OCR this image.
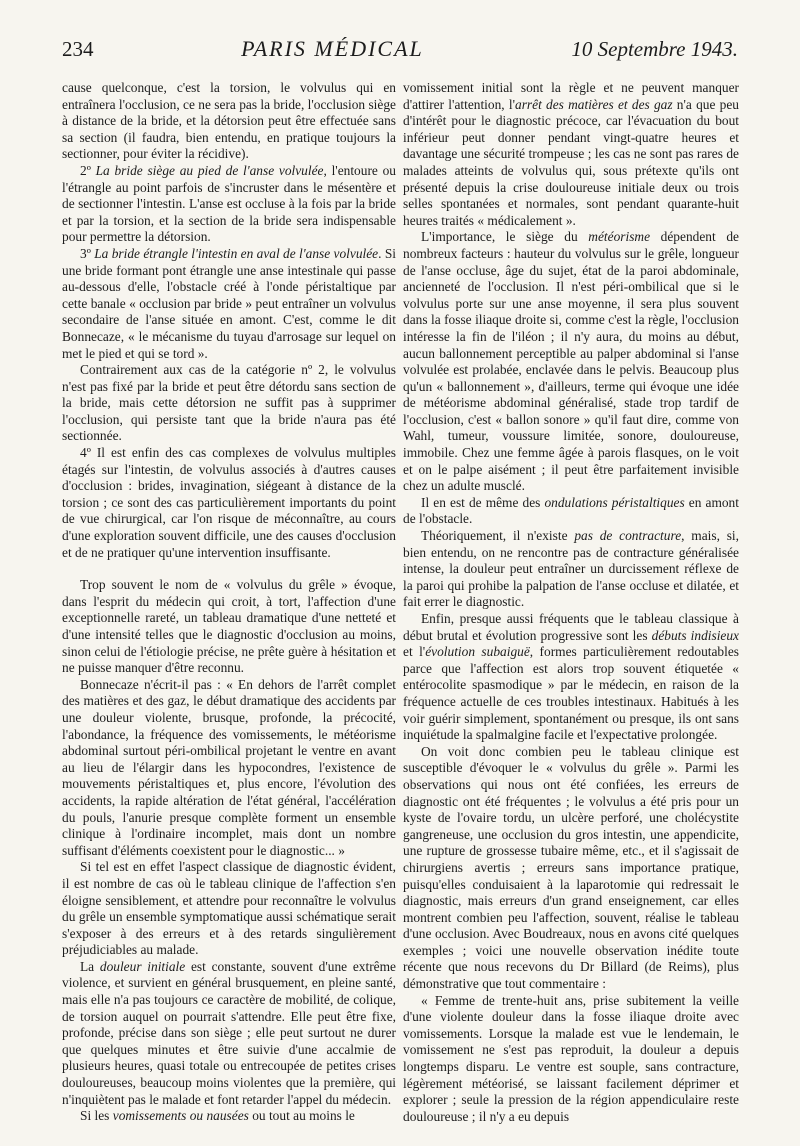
234	PARIS MÉDICAL	10 Septembre 1943.

cause quelconque, c'est la torsion, le volvulus qui en entraînera l'occlusion, ce ne sera pas la bride, l'occlusion siège à distance de la bride, et la détorsion peut être effectuée sans sa section (il faudra, bien entendu, en pratique toujours la sectionner, pour éviter la récidive).

2º La bride siège au pied de l'anse volvulée, l'entoure ou l'étrangle au point parfois de s'incruster dans le mésentère et de sectionner l'intestin. L'anse est occluse à la fois par la bride et par la torsion, et la section de la bride sera indispensable pour permettre la détorsion.

3º La bride étrangle l'intestin en aval de l'anse volvulée. Si une bride formant pont étrangle une anse intestinale qui passe au-dessous d'elle, l'obstacle créé à l'onde péristaltique par cette banale « occlusion par bride » peut entraîner un volvulus secondaire de l'anse située en amont. C'est, comme le dit Bonnecaze, « le mécanisme du tuyau d'arrosage sur lequel on met le pied et qui se tord ».

Contrairement aux cas de la catégorie nº 2, le volvulus n'est pas fixé par la bride et peut être détordu sans section de la bride, mais cette détorsion ne suffit pas à supprimer l'occlusion, qui persiste tant que la bride n'aura pas été sectionnée.

4º Il est enfin des cas complexes de volvulus multiples étagés sur l'intestin, de volvulus associés à d'autres causes d'occlusion : brides, invagination, siégeant à distance de la torsion ; ce sont des cas particulièrement importants du point de vue chirurgical, car l'on risque de méconnaître, au cours d'une exploration souvent difficile, une des causes d'occlusion et de ne pratiquer qu'une intervention insuffisante.

Trop souvent le nom de « volvulus du grêle » évoque, dans l'esprit du médecin qui croit, à tort, l'affection d'une exceptionnelle rareté, un tableau dramatique d'une netteté et d'une intensité telles que le diagnostic d'occlusion au moins, sinon celui de l'étiologie précise, ne prête guère à hésitation et ne puisse manquer d'être reconnu.

Bonnecaze n'écrit-il pas : « En dehors de l'arrêt complet des matières et des gaz, le début dramatique des accidents par une douleur violente, brusque, profonde, la précocité, l'abondance, la fréquence des vomissements, le météorisme abdominal surtout péri-ombilical projetant le ventre en avant au lieu de l'élargir dans les hypocondres, l'existence de mouvements péristaltiques et, plus encore, l'évolution des accidents, la rapide altération de l'état général, l'accélération du pouls, l'anurie presque complète forment un ensemble clinique à l'ordinaire incomplet, mais dont un nombre suffisant d'éléments coexistent pour le diagnostic... »

Si tel est en effet l'aspect classique de diagnostic évident, il est nombre de cas où le tableau clinique de l'affection s'en éloigne sensiblement, et attendre pour reconnaître le volvulus du grêle un ensemble symptomatique aussi schématique serait s'exposer à des erreurs et à des retards singulièrement préjudiciables au malade.

La douleur initiale est constante, souvent d'une extrême violence, et survient en général brusquement, en pleine santé, mais elle n'a pas toujours ce caractère de mobilité, de colique, de torsion auquel on pourrait s'attendre. Elle peut être fixe, profonde, précise dans son siège ; elle peut surtout ne durer que quelques minutes et être suivie d'une accalmie de plusieurs heures, quasi totale ou entrecoupée de petites crises douloureuses, beaucoup moins violentes que la première, qui n'inquiètent pas le malade et font retarder l'appel du médecin.

Si les vomissements ou nausées ou tout au moins le

vomissement initial sont la règle et ne peuvent manquer d'attirer l'attention, l'arrêt des matières et des gaz n'a que peu d'intérêt pour le diagnostic précoce, car l'évacuation du bout inférieur peut donner pendant vingt-quatre heures et davantage une sécurité trompeuse ; les cas ne sont pas rares de malades atteints de volvulus qui, sous prétexte qu'ils ont présenté depuis la crise douloureuse initiale deux ou trois selles spontanées et normales, sont pendant quarante-huit heures traités « médicalement ».

L'importance, le siège du météorisme dépendent de nombreux facteurs : hauteur du volvulus sur le grêle, longueur de l'anse occluse, âge du sujet, état de la paroi abdominale, ancienneté de l'occlusion. Il n'est péri-ombilical que si le volvulus porte sur une anse moyenne, il sera plus souvent dans la fosse iliaque droite si, comme c'est la règle, l'occlusion intéresse la fin de l'iléon ; il n'y aura, du moins au début, aucun ballonnement perceptible au palper abdominal si l'anse volvulée est prolabée, enclavée dans le pelvis. Beaucoup plus qu'un « ballonnement », d'ailleurs, terme qui évoque une idée de météorisme abdominal généralisé, stade trop tardif de l'occlusion, c'est « ballon sonore » qu'il faut dire, comme von Wahl, tumeur, voussure limitée, sonore, douloureuse, immobile. Chez une femme âgée à parois flasques, on le voit et on le palpe aisément ; il peut être parfaitement invisible chez un adulte musclé.

Il en est de même des ondulations péristaltiques en amont de l'obstacle.

Théoriquement, il n'existe pas de contracture, mais, si, bien entendu, on ne rencontre pas de contracture généralisée intense, la douleur peut entraîner un durcissement réflexe de la paroi qui prohibe la palpation de l'anse occluse et dilatée, et fait errer le diagnostic.

Enfin, presque aussi fréquents que le tableau classique à début brutal et évolution progressive sont les débuts indisieux et l'évolution subaiguë, formes particulièrement redoutables parce que l'affection est alors trop souvent étiquetée « entérocolite spasmodique » par le médecin, en raison de la fréquence actuelle de ces troubles intestinaux. Habitués à les voir guérir simplement, spontanément ou presque, ils ont sans inquiétude la spalmalgine facile et l'expectative prolongée.

On voit donc combien peu le tableau clinique est susceptible d'évoquer le « volvulus du grêle ». Parmi les observations qui nous ont été confiées, les erreurs de diagnostic ont été fréquentes ; le volvulus a été pris pour un kyste de l'ovaire tordu, un ulcère perforé, une cholécystite gangreneuse, une occlusion du gros intestin, une appendicite, une rupture de grossesse tubaire même, etc., et il s'agissait de chirurgiens avertis ; erreurs sans importance pratique, puisqu'elles conduisaient à la laparotomie qui redressait le diagnostic, mais erreurs d'un grand enseignement, car elles montrent combien peu l'affection, souvent, réalise le tableau d'une occlusion. Avec Boudreaux, nous en avons cité quelques exemples ; voici une nouvelle observation inédite toute récente que nous recevons du Dr Billard (de Reims), plus démonstrative que tout commentaire :

« Femme de trente-huit ans, prise subitement la veille d'une violente douleur dans la fosse iliaque droite avec vomissements. Lorsque la malade est vue le lendemain, le vomissement ne s'est pas reproduit, la douleur a depuis longtemps disparu. Le ventre est souple, sans contracture, légèrement météorisé, se laissant facilement déprimer et explorer ; seule la pression de la région appendiculaire reste douloureuse ; il n'y a eu depuis
